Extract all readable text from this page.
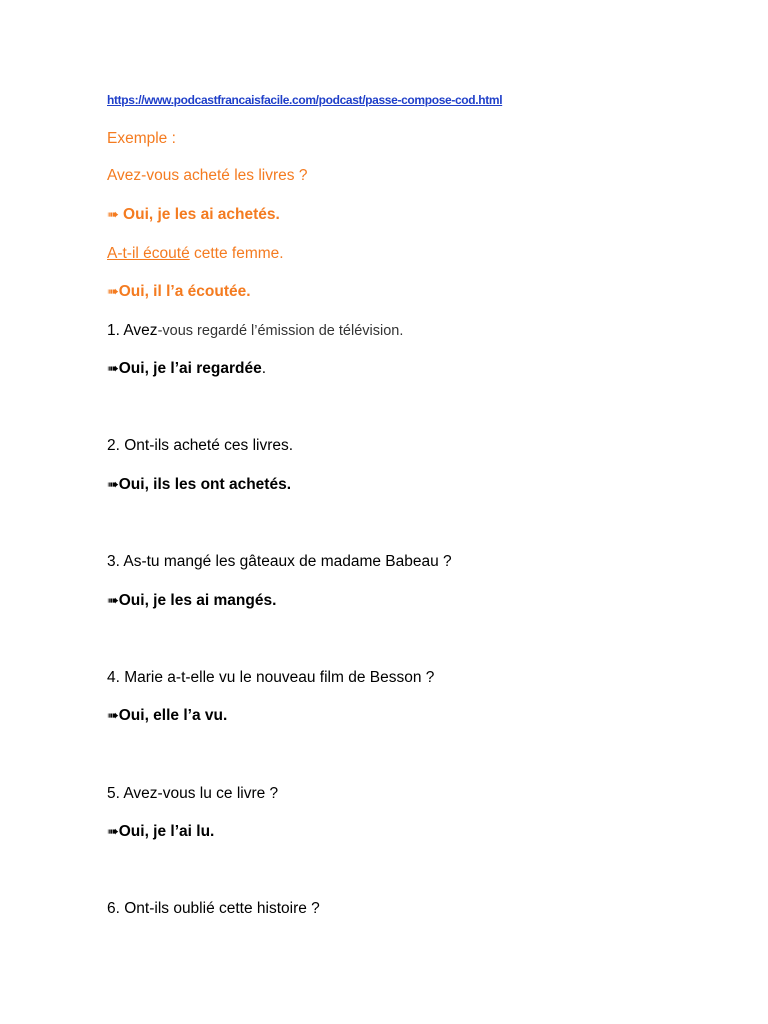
https://www.podcastfrancaisfacile.com/podcast/passe-compose-cod.html
Exemple :
Avez-vous acheté les livres ?
➠ Oui, je les ai achetés.
A-t-il écouté cette femme.
➠Oui, il l’a écoutée.
1. Avez-vous regardé l’émission de télévision.
➠Oui, je l’ai regardée.
2. Ont-ils acheté ces livres.
➠Oui, ils les ont achetés.
3. As-tu mangé les gâteaux de madame Babeau ?
➠Oui, je les ai mangés.
4. Marie a-t-elle vu le nouveau film de Besson ?
➠Oui, elle l’a vu.
5. Avez-vous lu ce livre ?
➠Oui, je l’ai lu.
6. Ont-ils oublié cette histoire ?
